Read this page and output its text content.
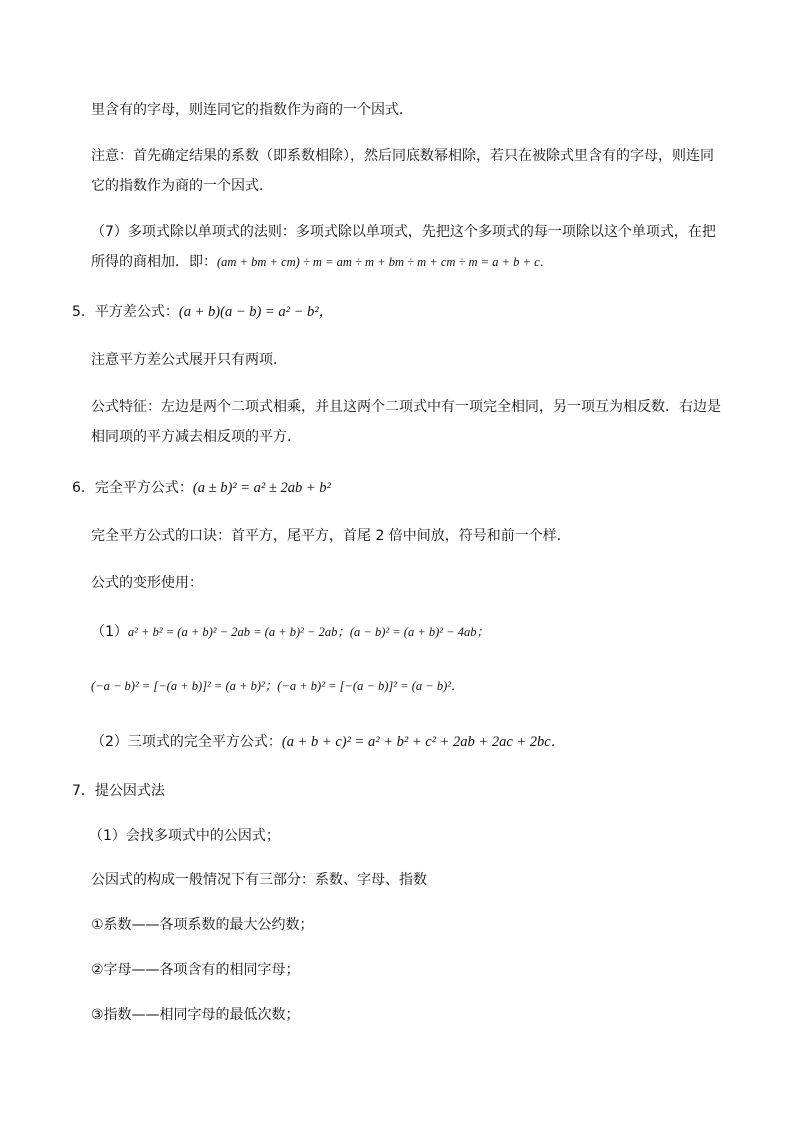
里含有的字母，则连同它的指数作为商的一个因式．
注意：首先确定结果的系数（即系数相除），然后同底数幂相除，若只在被除式里含有的字母，则连同
它的指数作为商的一个因式．
（7）多项式除以单项式的法则：多项式除以单项式，先把这个多项式的每一项除以这个单项式，在把
所得的商相加．即：(am + bm + cm) ÷ m = am ÷ m + bm ÷ m + cm ÷ m = a + b + c．
5．平方差公式：(a + b)(a − b) = a² − b²，
注意平方差公式展开只有两项．
公式特征：左边是两个二项式相乘，并且这两个二项式中有一项完全相同，另一项互为相反数．右边是
相同项的平方减去相反项的平方．
6．完全平方公式：(a ± b)² = a² ± 2ab + b²
完全平方公式的口诀：首平方，尾平方，首尾 2 倍中间放，符号和前一个样．
公式的变形使用：
（1）a² + b² = (a + b)² − 2ab = (a + b)² − 2ab；(a − b)² = (a + b)² − 4ab；
(−a − b)² = [−(a + b)]² = (a + b)²；(−a + b)² = [−(a − b)]² = (a − b)²．
（2）三项式的完全平方公式：(a + b + c)² = a² + b² + c² + 2ab + 2ac + 2bc．
7．提公因式法
（1）会找多项式中的公因式；
公因式的构成一般情况下有三部分：系数、字母、指数
①系数——各项系数的最大公约数；
②字母——各项含有的相同字母；
③指数——相同字母的最低次数；
